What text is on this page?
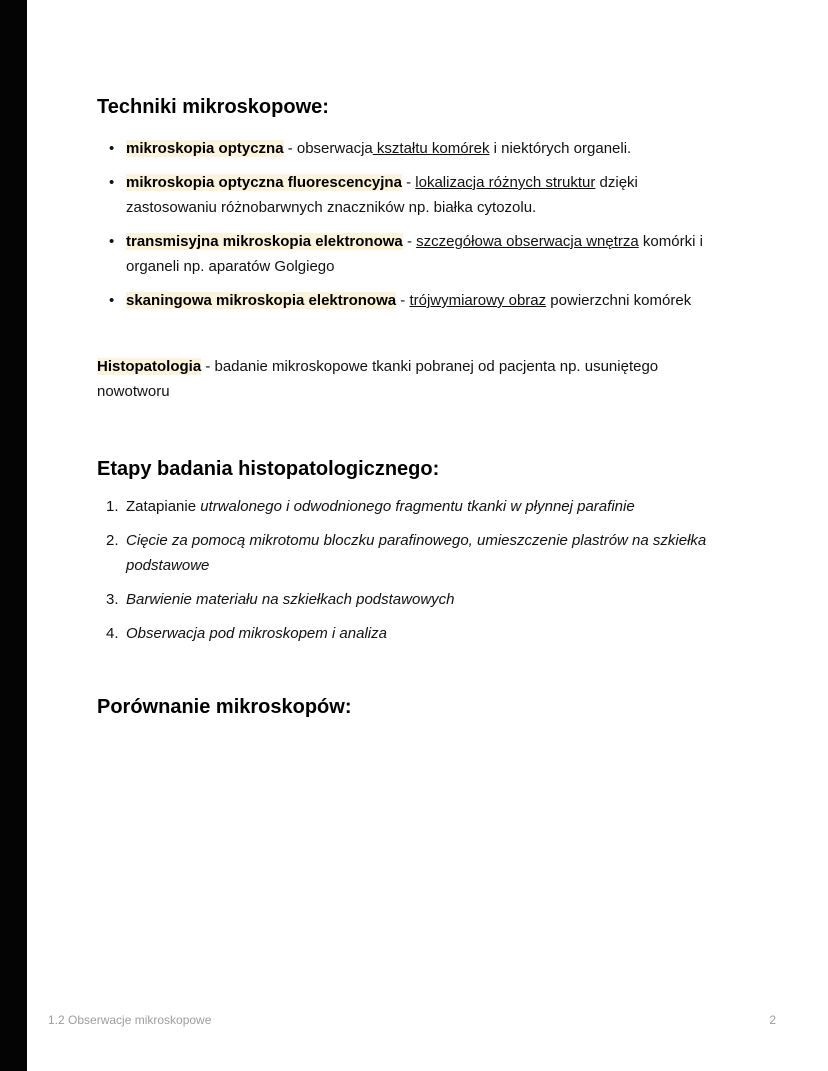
Techniki mikroskopowe:
• mikroskopia optyczna - obserwacja kształtu komórek i niektórych organeli.
• mikroskopia optyczna fluorescencyjna - lokalizacja różnych struktur dzięki zastosowaniu różnobarwnych znaczników np. białka cytozolu.
• transmisyjna mikroskopia elektronowa - szczegółowa obserwacja wnętrza komórki i organeli np. aparatów Golgiego
• skaningowa mikroskopia elektronowa - trójwymiarowy obraz powierzchni komórek

Histopatologia - badanie mikroskopowe tkanki pobranej od pacjenta np. usuniętego nowotworu

Etapy badania histopatologicznego:
1. Zatapianie utrwalonego i odwodnionego fragmentu tkanki w płynnej parafinie
2. Cięcie za pomocą mikrotomu bloczku parafinowego, umieszczenie plastrów na szkiełka podstawowe
3. Barwienie materiału na szkiełkach podstawowych
4. Obserwacja pod mikroskopem i analiza
Porównanie mikroskopów:
1.2 Obserwacje mikroskopowe	2
